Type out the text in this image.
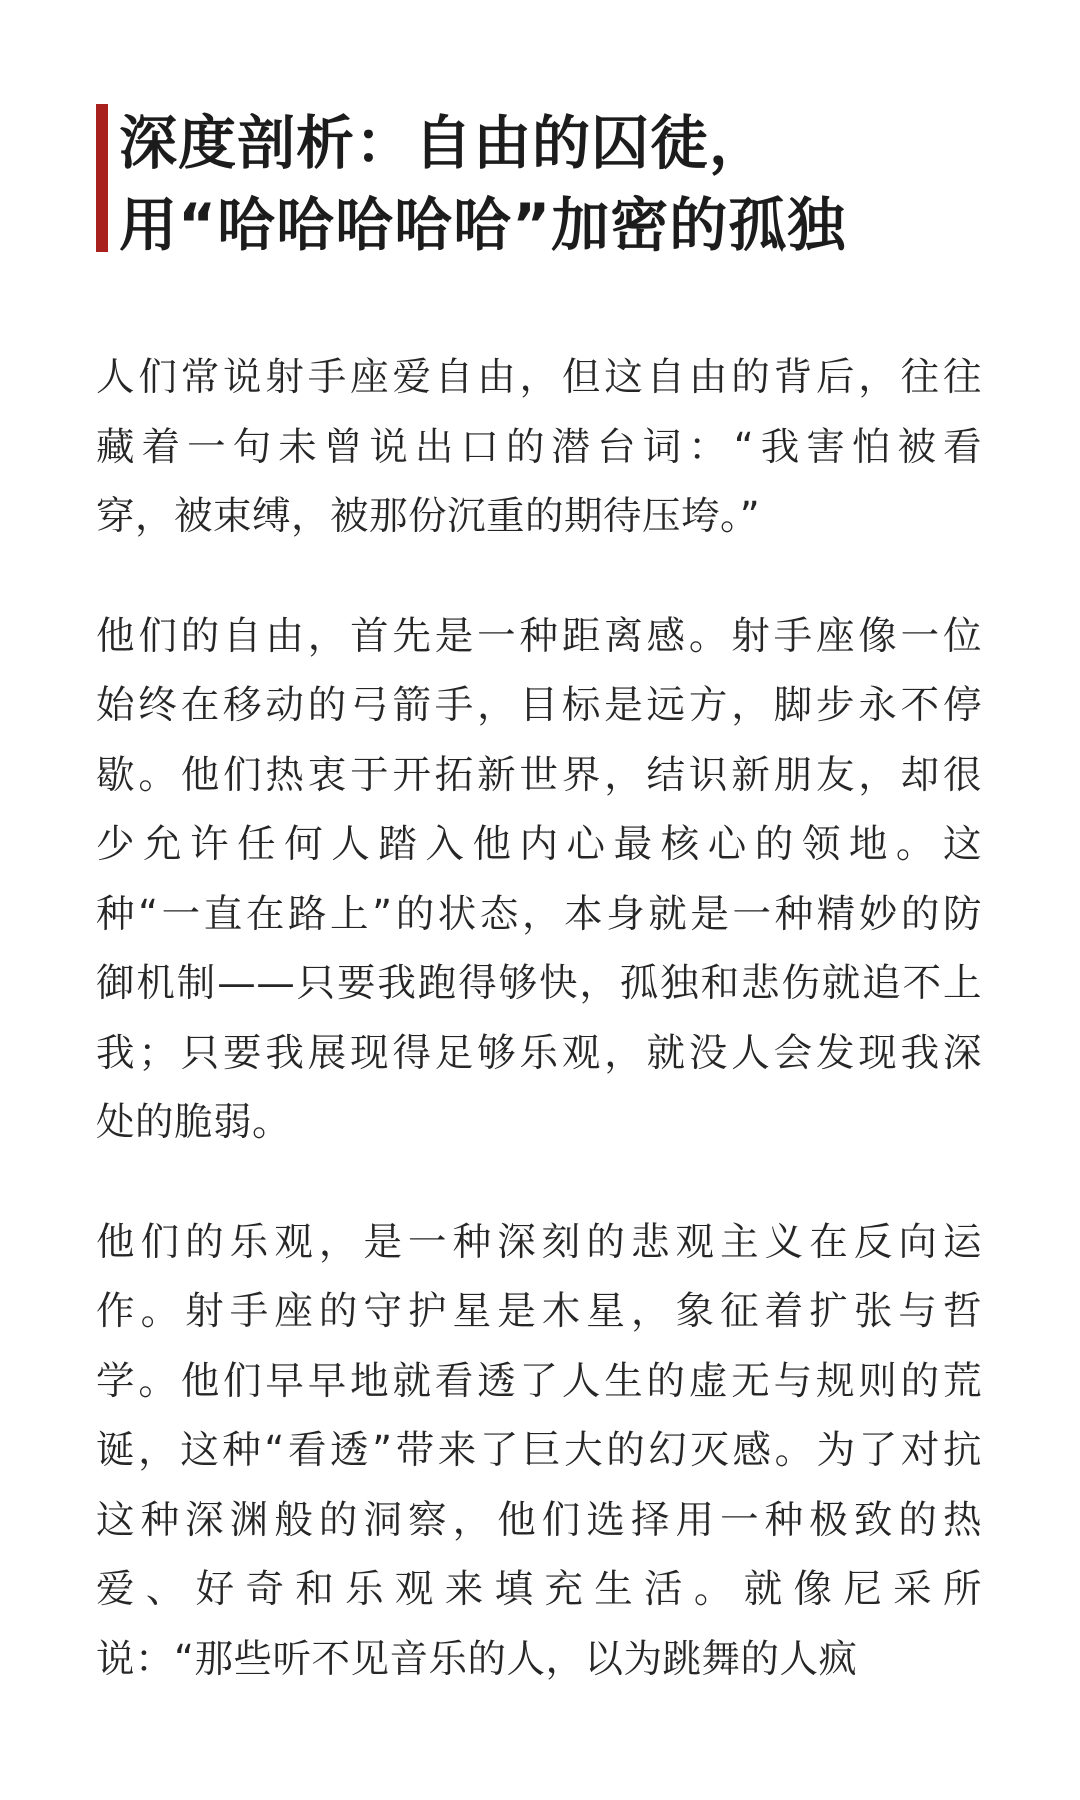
深度剖析：自由的囚徒，
用“哈哈哈哈哈”加密的孤独
人们常说射手座爱自由，但这自由的背后，往往
藏着一句未曾说出口的潜台词：“我害怕被看
穿，被束缚，被那份沉重的期待压垮。”
他们的自由，首先是一种距离感。射手座像一位
始终在移动的弓箭手，目标是远方，脚步永不停
歇。他们热衷于开拓新世界，结识新朋友，却很
少允许任何人踏入他内心最核心的领地。这
种“一直在路上”的状态，本身就是一种精妙的防
御机制——只要我跑得够快，孤独和悲伤就追不上
我；只要我展现得足够乐观，就没人会发现我深
处的脆弱。
他们的乐观，是一种深刻的悲观主义在反向运
作。射手座的守护星是木星，象征着扩张与哲
学。他们早早地就看透了人生的虚无与规则的荒
诞，这种“看透”带来了巨大的幻灭感。为了对抗
这种深渊般的洞察，他们选择用一种极致的热
爱、好奇和乐观来填充生活。就像尼采所
说：“那些听不见音乐的人，以为跳舞的人疯
